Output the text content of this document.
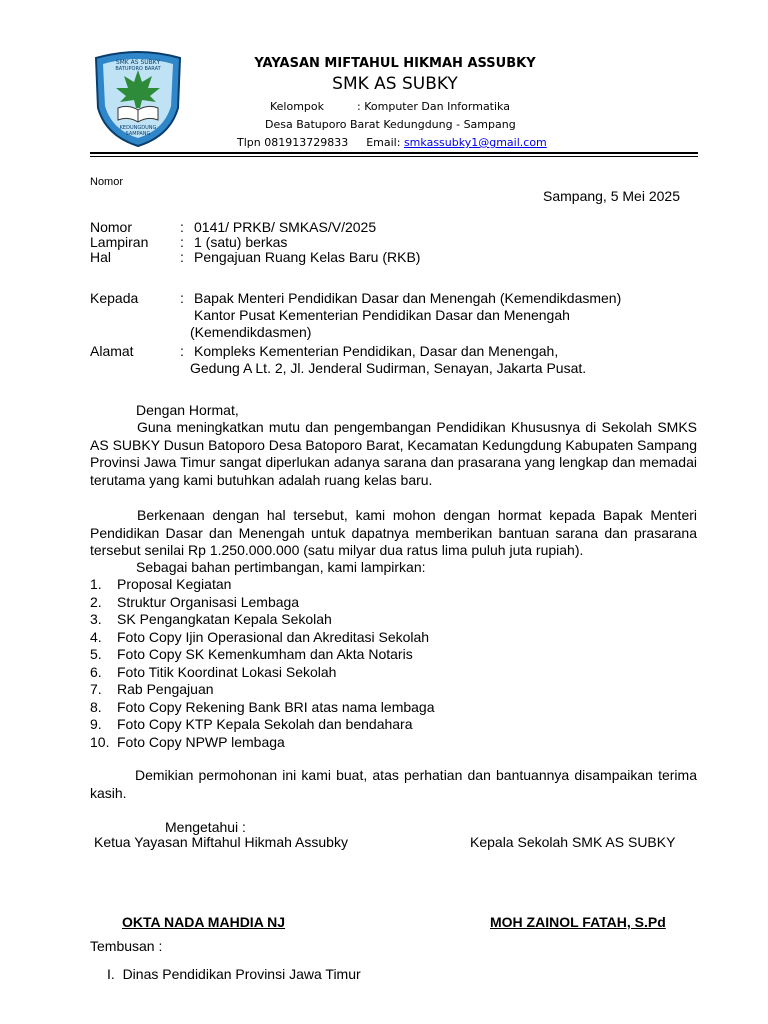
SMK AS SUBKY
BATUPORO BARAT
KEDUNGDUNG
SAMPANG
YAYASAN MIFTAHUL HIKMAH ASSUBKY
SMK AS SUBKY
Kelompok	: Komputer Dan Informatika
Desa Batuporo Barat Kedungdung - Sampang
Tlpn 081913729833 Email: smkassubky1@gmail.com
Nomor
Sampang, 5 Mei 2025
Nomor	: 0141/ PRKB/ SMKAS/V/2025
Lampiran : 1 (satu) berkas
Hal	: Pengajuan Ruang Kelas Baru (RKB)
Kepada	: Bapak Menteri Pendidikan Dasar dan Menengah (Kemendikdasmen)
Kantor Pusat Kementerian Pendidikan Dasar dan Menengah
(Kemendikdasmen)
Alamat	: Kompleks Kementerian Pendidikan, Dasar dan Menengah,
Gedung A Lt. 2, Jl. Jenderal Sudirman, Senayan, Jakarta Pusat.
Dengan Hormat,
Guna meningkatkan mutu dan pengembangan Pendidikan Khususnya di Sekolah SMKS AS SUBKY Dusun Batoporo Desa Batoporo Barat, Kecamatan Kedungdung Kabupaten Sampang Provinsi Jawa Timur sangat diperlukan adanya sarana dan prasarana yang lengkap dan memadai terutama yang kami butuhkan adalah ruang kelas baru.
Berkenaan dengan hal tersebut, kami mohon dengan hormat kepada Bapak Menteri Pendidikan Dasar dan Menengah untuk dapatnya memberikan bantuan sarana dan prasarana tersebut senilai Rp 1.250.000.000 (satu milyar dua ratus lima puluh juta rupiah).
Sebagai bahan pertimbangan, kami lampirkan:
1. Proposal Kegiatan
2. Struktur Organisasi Lembaga
3. SK Pengangkatan Kepala Sekolah
4. Foto Copy Ijin Operasional dan Akreditasi Sekolah
5. Foto Copy SK Kemenkumham dan Akta Notaris
6. Foto Titik Koordinat Lokasi Sekolah
7. Rab Pengajuan
8. Foto Copy Rekening Bank BRI atas nama lembaga
9. Foto Copy KTP Kepala Sekolah dan bendahara
10. Foto Copy NPWP lembaga
Demikian permohonan ini kami buat, atas perhatian dan bantuannya disampaikan terima kasih.
Mengetahui :
Ketua Yayasan Miftahul Hikmah Assubky	Kepala Sekolah SMK AS SUBKY
OKTA NADA MAHDIA NJ	MOH ZAINOL FATAH, S.Pd
Tembusan :
I. Dinas Pendidikan Provinsi Jawa Timur
